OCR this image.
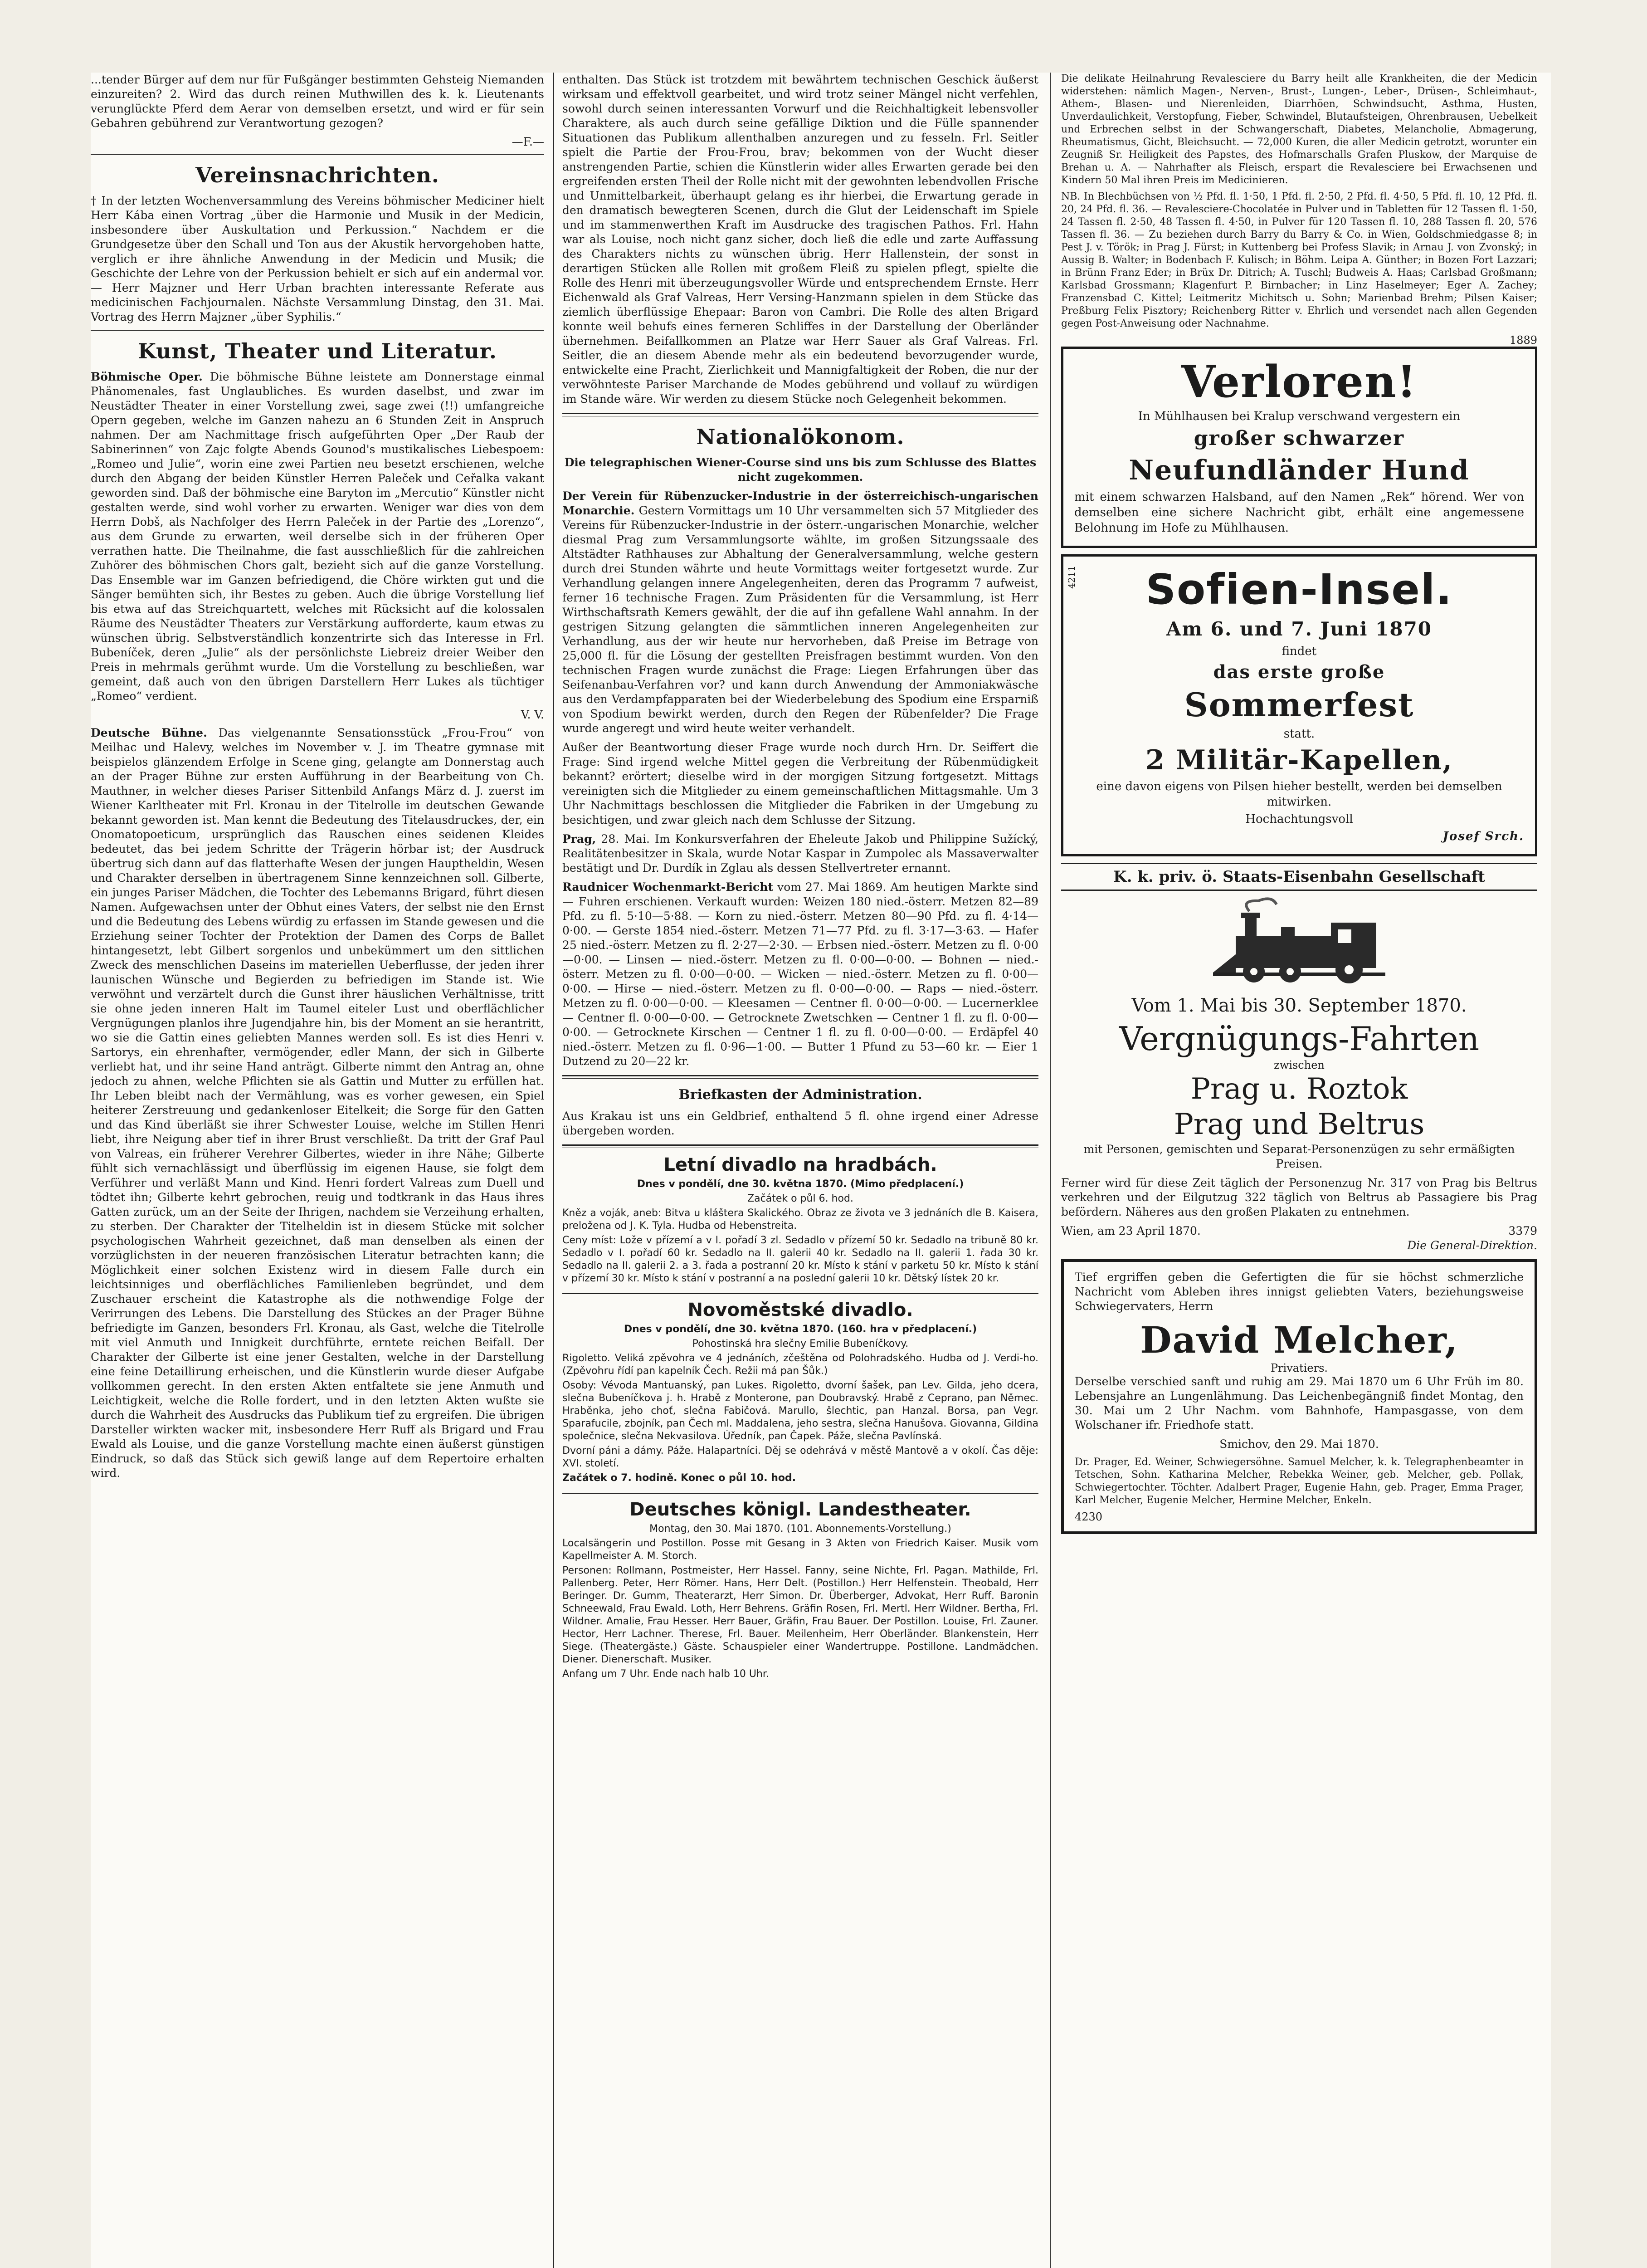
...tender Bürger auf dem nur für Fußgänger bestimmten Gehsteig Niemanden einzureiten? 2. Wird das durch reinen Muthwillen des k. k. Lieutenants verunglückte Pferd dem Aerar von demselben ersetzt, und wird er für sein Gebahren gebührend zur Verantwortung gezogen?

—F.—

Vereinsnachrichten.

† In der letzten Wochenversammlung des Vereins böhmischer Mediciner hielt Herr Kába einen Vortrag „über die Harmonie und Musik in der Medicin, insbesondere über Auskultation und Perkussion.“ Nachdem er die Grundgesetze über den Schall und Ton aus der Akustik hervorgehoben hatte, verglich er ihre ähnliche Anwendung in der Medicin und Musik; die Geschichte der Lehre von der Perkussion behielt er sich auf ein andermal vor. — Herr Majzner und Herr Urban brachten interessante Referate aus medicinischen Fachjournalen. Nächste Versammlung Dinstag, den 31. Mai. Vortrag des Herrn Majzner „über Syphilis.“

Kunst, Theater und Literatur.

Böhmische Oper. Die böhmische Bühne leistete am Donnerstage einmal Phänomenales, fast Unglaubliches. Es wurden daselbst, und zwar im Neustädter Theater in einer Vorstellung zwei, sage zwei (!!) umfangreiche Opern gegeben, welche im Ganzen nahezu an 6 Stunden Zeit in Anspruch nahmen. Der am Nachmittage frisch aufgeführten Oper „Der Raub der Sabinerinnen“ von Zajc folgte Abends Gounod's mustikalisches Liebespoem: „Romeo und Julie“, worin eine zwei Partien neu besetzt erschienen, welche durch den Abgang der beiden Künstler Herren Paleček und Ceřalka vakant geworden sind. Daß der böhmische eine Baryton im „Mercutio“ Künstler nicht gestalten werde, sind wohl vorher zu erwarten. Weniger war dies von dem Herrn Dobš, als Nachfolger des Herrn Paleček in der Partie des „Lorenzo“, aus dem Grunde zu erwarten, weil derselbe sich in der früheren Oper verrathen hatte. Die Theilnahme, die fast ausschließlich für die zahlreichen Zuhörer des böhmischen Chors galt, bezieht sich auf die ganze Vorstellung. Das Ensemble war im Ganzen befriedigend, die Chöre wirkten gut und die Sänger bemühten sich, ihr Bestes zu geben. Auch die übrige Vorstellung lief bis etwa auf das Streichquartett, welches mit Rücksicht auf die kolossalen Räume des Neustädter Theaters zur Verstärkung aufforderte, kaum etwas zu wünschen übrig. Selbstverständlich konzentrirte sich das Interesse in Frl. Bubeníček, deren „Julie“ als der persönlichste Liebreiz dreier Weiber den Preis in mehrmals gerühmt wurde. Um die Vorstellung zu beschließen, war gemeint, daß auch von den übrigen Darstellern Herr Lukes als tüchtiger „Romeo“ verdient.

V. V.

Deutsche Bühne. Das vielgenannte Sensationsstück „Frou-Frou“ von Meilhac und Halevy, welches im November v. J. im Theatre gymnase mit beispielos glänzendem Erfolge in Scene ging, gelangte am Donnerstag auch an der Prager Bühne zur ersten Aufführung in der Bearbeitung von Ch. Mauthner, in welcher dieses Pariser Sittenbild Anfangs März d. J. zuerst im Wiener Karltheater mit Frl. Kronau in der Titelrolle im deutschen Gewande bekannt geworden ist. Man kennt die Bedeutung des Titelausdruckes, der, ein Onomatopoeticum, ursprünglich das Rauschen eines seidenen Kleides bedeutet, das bei jedem Schritte der Trägerin hörbar ist; der Ausdruck übertrug sich dann auf das flatterhafte Wesen der jungen Hauptheldin, Wesen und Charakter derselben in übertragenem Sinne kennzeichnen soll. Gilberte, ein junges Pariser Mädchen, die Tochter des Lebemanns Brigard, führt diesen Namen. Aufgewachsen unter der Obhut eines Vaters, der selbst nie den Ernst und die Bedeutung des Lebens würdig zu erfassen im Stande gewesen und die Erziehung seiner Tochter der Protektion der Damen des Corps de Ballet hintangesetzt, lebt Gilbert sorgenlos und unbekümmert um den sittlichen Zweck des menschlichen Daseins im materiellen Ueberflusse, der jeden ihrer launischen Wünsche und Begierden zu befriedigen im Stande ist. Wie verwöhnt und verzärtelt durch die Gunst ihrer häuslichen Verhältnisse, tritt sie ohne jeden inneren Halt im Taumel eiteler Lust und oberflächlicher Vergnügungen planlos ihre Jugendjahre hin, bis der Moment an sie herantritt, wo sie die Gattin eines geliebten Mannes werden soll. Es ist dies Henri v. Sartorys, ein ehrenhafter, vermögender, edler Mann, der sich in Gilberte verliebt hat, und ihr seine Hand anträgt. Gilberte nimmt den Antrag an, ohne jedoch zu ahnen, welche Pflichten sie als Gattin und Mutter zu erfüllen hat. Ihr Leben bleibt nach der Vermählung, was es vorher gewesen, ein Spiel heiterer Zerstreuung und gedankenloser Eitelkeit; die Sorge für den Gatten und das Kind überläßt sie ihrer Schwester Louise, welche im Stillen Henri liebt, ihre Neigung aber tief in ihrer Brust verschließt. Da tritt der Graf Paul von Valreas, ein früherer Verehrer Gilbertes, wieder in ihre Nähe; Gilberte fühlt sich vernachlässigt und überflüssig im eigenen Hause, sie folgt dem Verführer und verläßt Mann und Kind. Henri fordert Valreas zum Duell und tödtet ihn; Gilberte kehrt gebrochen, reuig und todtkrank in das Haus ihres Gatten zurück, um an der Seite der Ihrigen, nachdem sie Verzeihung erhalten, zu sterben. Der Charakter der Titelheldin ist in diesem Stücke mit solcher psychologischen Wahrheit gezeichnet, daß man denselben als einen der vorzüglichsten in der neueren französischen Literatur betrachten kann; die Möglichkeit einer solchen Existenz wird in diesem Falle durch ein leichtsinniges und oberflächliches Familienleben begründet, und dem Zuschauer erscheint die Katastrophe als die nothwendige Folge der Verirrungen des Lebens. Die Darstellung des Stückes an der Prager Bühne befriedigte im Ganzen, besonders Frl. Kronau, als Gast, welche die Titelrolle mit viel Anmuth und Innigkeit durchführte, erntete reichen Beifall. Der Charakter der Gilberte ist eine jener Gestalten, welche in der Darstellung eine feine Detaillirung erheischen, und die Künstlerin wurde dieser Aufgabe vollkommen gerecht. In den ersten Akten entfaltete sie jene Anmuth und Leichtigkeit, welche die Rolle fordert, und in den letzten Akten wußte sie durch die Wahrheit des Ausdrucks das Publikum tief zu ergreifen. Die übrigen Darsteller wirkten wacker mit, insbesondere Herr Ruff als Brigard und Frau Ewald als Louise, und die ganze Vorstellung machte einen äußerst günstigen Eindruck, so daß das Stück sich gewiß lange auf dem Repertoire erhalten wird.

enthalten. Das Stück ist trotzdem mit bewährtem technischen Geschick äußerst wirksam und effektvoll gearbeitet, und wird trotz seiner Mängel nicht verfehlen, sowohl durch seinen interessanten Vorwurf und die Reichhaltigkeit lebensvoller Charaktere, als auch durch seine gefällige Diktion und die Fülle spannender Situationen das Publikum allenthalben anzuregen und zu fesseln. Frl. Seitler spielt die Partie der Frou-Frou, brav; bekommen von der Wucht dieser anstrengenden Partie, schien die Künstlerin wider alles Erwarten gerade bei den ergreifenden ersten Theil der Rolle nicht mit der gewohnten lebendvollen Frische und Unmittelbarkeit, überhaupt gelang es ihr hierbei, die Erwartung gerade in den dramatisch bewegteren Scenen, durch die Glut der Leidenschaft im Spiele und im stammenwerthen Kraft im Ausdrucke des tragischen Pathos. Frl. Hahn war als Louise, noch nicht ganz sicher, doch ließ die edle und zarte Auffassung des Charakters nichts zu wünschen übrig. Herr Hallenstein, der sonst in derartigen Stücken alle Rollen mit großem Fleiß zu spielen pflegt, spielte die Rolle des Henri mit überzeugungsvoller Würde und entsprechendem Ernste. Herr Eichenwald als Graf Valreas, Herr Versing-Hanzmann spielen in dem Stücke das ziemlich überflüssige Ehepaar: Baron von Cambri. Die Rolle des alten Brigard konnte weil behufs eines ferneren Schliffes in der Darstellung der Oberländer übernehmen. Beifallkommen an Platze war Herr Sauer als Graf Valreas. Frl. Seitler, die an diesem Abende mehr als ein bedeutend bevorzugender wurde, entwickelte eine Pracht, Zierlichkeit und Mannigfaltigkeit der Roben, die nur der verwöhnteste Pariser Marchande de Modes gebührend und vollauf zu würdigen im Stande wäre. Wir werden zu diesem Stücke noch Gelegenheit bekommen.

Nationalökonom.

Die telegraphischen Wiener-Course sind uns bis zum Schlusse des Blattes nicht zugekommen.

Der Verein für Rübenzucker-Industrie in der österreichisch-ungarischen Monarchie. Gestern Vormittags um 10 Uhr versammelten sich 57 Mitglieder des Vereins für Rübenzucker-Industrie in der österr.-ungarischen Monarchie, welcher diesmal Prag zum Versammlungsorte wählte, im großen Sitzungssaale des Altstädter Rathhauses zur Abhaltung der Generalversammlung, welche gestern durch drei Stunden währte und heute Vormittags weiter fortgesetzt wurde. Zur Verhandlung gelangen innere Angelegenheiten, deren das Programm 7 aufweist, ferner 16 technische Fragen. Zum Präsidenten für die Versammlung, ist Herr Wirthschaftsrath Kemers gewählt, der die auf ihn gefallene Wahl annahm. In der gestrigen Sitzung gelangten die sämmtlichen inneren Angelegenheiten zur Verhandlung, aus der wir heute nur hervorheben, daß Preise im Betrage von 25,000 fl. für die Lösung der gestellten Preisfragen bestimmt wurden. Von den technischen Fragen wurde zunächst die Frage: Liegen Erfahrungen über das Seifenanbau-Verfahren vor? und kann durch Anwendung der Ammoniakwäsche aus den Verdampfapparaten bei der Wiederbelebung des Spodium eine Ersparniß von Spodium bewirkt werden, durch den Regen der Rübenfelder? Die Frage wurde angeregt und wird heute weiter verhandelt.

Außer der Beantwortung dieser Frage wurde noch durch Hrn. Dr. Seiffert die Frage: Sind irgend welche Mittel gegen die Verbreitung der Rübenmüdigkeit bekannt? erörtert; dieselbe wird in der morgigen Sitzung fortgesetzt. Mittags vereinigten sich die Mitglieder zu einem gemeinschaftlichen Mittagsmahle. Um 3 Uhr Nachmittags beschlossen die Mitglieder die Fabriken in der Umgebung zu besichtigen, und zwar gleich nach dem Schlusse der Sitzung.

Prag, 28. Mai. Im Konkursverfahren der Eheleute Jakob und Philippine Sužícký, Realitätenbesitzer in Skala, wurde Notar Kaspar in Zumpolec als Massaverwalter bestätigt und Dr. Durdík in Zglau als dessen Stellvertreter ernannt.

Raudnicer Wochenmarkt-Bericht vom 27. Mai 1869. Am heutigen Markte sind — Fuhren erschienen. Verkauft wurden: Weizen 180 nied.-österr. Metzen 82—89 Pfd. zu fl. 5·10—5·88. — Korn zu nied.-österr. Metzen 80—90 Pfd. zu fl. 4·14—0·00. — Gerste 1854 nied.-österr. Metzen 71—77 Pfd. zu fl. 3·17—3·63. — Hafer 25 nied.-österr. Metzen zu fl. 2·27—2·30. — Erbsen nied.-österr. Metzen zu fl. 0·00—0·00. — Linsen — nied.-österr. Metzen zu fl. 0·00—0·00. — Bohnen — nied.-österr. Metzen zu fl. 0·00—0·00. — Wicken — nied.-österr. Metzen zu fl. 0·00—0·00. — Hirse — nied.-österr. Metzen zu fl. 0·00—0·00. — Raps — nied.-österr. Metzen zu fl. 0·00—0·00. — Kleesamen — Centner fl. 0·00—0·00. — Lucernerklee — Centner fl. 0·00—0·00. — Getrocknete Zwetschken — Centner 1 fl. zu fl. 0·00—0·00. — Getrocknete Kirschen — Centner 1 fl. zu fl. 0·00—0·00. — Erdäpfel 40 nied.-österr. Metzen zu fl. 0·96—1·00. — Butter 1 Pfund zu 53—60 kr. — Eier 1 Dutzend zu 20—22 kr.

Briefkasten der Administration.

Aus Krakau ist uns ein Geldbrief, enthaltend 5 fl. ohne irgend einer Adresse übergeben worden.

Letní divadlo na hradbách.

Dnes v pondělí, dne 30. května 1870. (Mimo předplacení.)

Začátek o půl 6. hod.

Kněz a voják, aneb: Bitva u kláštera Skalického. Obraz ze života ve 3 jednáních dle B. Kaisera, preložena od J. K. Tyla. Hudba od Hebenstreita.

Ceny míst: Lože v přízemí a v I. pořadí 3 zl. Sedadlo v přízemí 50 kr. Sedadlo na tribuně 80 kr. Sedadlo v I. pořadí 60 kr. Sedadlo na II. galerii 40 kr. Sedadlo na II. galerii 1. řada 30 kr. Sedadlo na II. galerii 2. a 3. řada a postranní 20 kr. Místo k stání v parketu 50 kr. Místo k stání v přízemí 30 kr. Místo k stání v postranní a na poslední galerii 10 kr. Dětský lístek 20 kr.

Novoměstské divadlo.

Dnes v pondělí, dne 30. května 1870. (160. hra v předplacení.)

Pohostinská hra slečny Emilie Bubeníčkovy.

Rigoletto. Veliká zpěvohra ve 4 jednáních, zčeštěna od Polohradského. Hudba od J. Verdi-ho. (Zpěvohru řídí pan kapelník Čech. Režii má pan Šůk.)

Osoby: Vévoda Mantuanský, pan Lukes. Rigoletto, dvorní šašek, pan Lev. Gilda, jeho dcera, slečna Bubeníčkova j. h. Hrabě z Monterone, pan Doubravský. Hrabě z Ceprano, pan Němec. Hraběnka, jeho choť, slečna Fabičová. Marullo, šlechtic, pan Hanzal. Borsa, pan Vegr. Sparafucile, zbojník, pan Čech ml. Maddalena, jeho sestra, slečna Hanušova. Giovanna, Gildina společnice, slečna Nekvasilova. Úředník, pan Čapek. Páže, slečna Pavlínská.

Dvorní páni a dámy. Páže. Halapartníci. Děj se odehrává v městě Mantově a v okolí. Čas děje: XVI. století.

Začátek o 7. hodině. Konec o půl 10. hod.

Deutsches königl. Landestheater.

Montag, den 30. Mai 1870. (101. Abonnements-Vorstellung.)

Localsängerin und Postillon. Posse mit Gesang in 3 Akten von Friedrich Kaiser. Musik vom Kapellmeister A. M. Storch.

Personen: Rollmann, Postmeister, Herr Hassel. Fanny, seine Nichte, Frl. Pagan. Mathilde, Frl. Pallenberg. Peter, Herr Römer. Hans, Herr Delt. (Postillon.) Herr Helfenstein. Theobald, Herr Beringer. Dr. Gumm, Theaterarzt, Herr Simon. Dr. Überberger, Advokat, Herr Ruff. Baronin Schneewald, Frau Ewald. Loth, Herr Behrens. Gräfin Rosen, Frl. Mertl. Herr Wildner. Bertha, Frl. Wildner. Amalie, Frau Hesser. Herr Bauer, Gräfin, Frau Bauer. Der Postillon. Louise, Frl. Zauner. Hector, Herr Lachner. Therese, Frl. Bauer. Meilenheim, Herr Oberländer. Blankenstein, Herr Siege. (Theatergäste.) Gäste. Schauspieler einer Wandertruppe. Postillone. Landmädchen. Diener. Dienerschaft. Musiker.

Anfang um 7 Uhr. Ende nach halb 10 Uhr.

Die delikate Heilnahrung Revalesciere du Barry heilt alle Krankheiten, die der Medicin widerstehen: nämlich Magen-, Nerven-, Brust-, Lungen-, Leber-, Drüsen-, Schleimhaut-, Athem-, Blasen- und Nierenleiden, Diarrhöen, Schwindsucht, Asthma, Husten, Unverdaulichkeit, Verstopfung, Fieber, Schwindel, Blutaufsteigen, Ohrenbrausen, Uebelkeit und Erbrechen selbst in der Schwangerschaft, Diabetes, Melancholie, Abmagerung, Rheumatismus, Gicht, Bleichsucht. — 72,000 Kuren, die aller Medicin getrotzt, worunter ein Zeugniß Sr. Heiligkeit des Papstes, des Hofmarschalls Grafen Pluskow, der Marquise de Brehan u. A. — Nahrhafter als Fleisch, erspart die Revalesciere bei Erwachsenen und Kindern 50 Mal ihren Preis im Medicinieren.

NB. In Blechbüchsen von ½ Pfd. fl. 1·50, 1 Pfd. fl. 2·50, 2 Pfd. fl. 4·50, 5 Pfd. fl. 10, 12 Pfd. fl. 20, 24 Pfd. fl. 36. — Revalesciere-Chocolatée in Pulver und in Tabletten für 12 Tassen fl. 1·50, 24 Tassen fl. 2·50, 48 Tassen fl. 4·50, in Pulver für 120 Tassen fl. 10, 288 Tassen fl. 20, 576 Tassen fl. 36. — Zu beziehen durch Barry du Barry & Co. in Wien, Goldschmiedgasse 8; in Pest J. v. Török; in Prag J. Fürst; in Kuttenberg bei Profess Slavik; in Arnau J. von Zvonský; in Aussig B. Walter; in Bodenbach F. Kulisch; in Böhm. Leipa A. Günther; in Bozen Fort Lazzari; in Brünn Franz Eder; in Brüx Dr. Ditrich; A. Tuschl; Budweis A. Haas; Carlsbad Großmann; Karlsbad Grossmann; Klagenfurt P. Birnbacher; in Linz Haselmeyer; Eger A. Zachey; Franzensbad C. Kittel; Leitmeritz Michitsch u. Sohn; Marienbad Brehm; Pilsen Kaiser; Preßburg Felix Pisztory; Reichenberg Ritter v. Ehrlich und versendet nach allen Gegenden gegen Post-Anweisung oder Nachnahme.

1889
Verloren!
In Mühlhausen bei Kralup verschwand vergestern ein
großer schwarzer
Neufundländer Hund
mit einem schwarzen Halsband, auf den Namen „Rek“ hörend. Wer von demselben eine sichere Nachricht gibt, erhält eine angemessene Belohnung im Hofe zu Mühlhausen.
4211	Sofien-Insel.
Am 6. und 7. Juni 1870
findet
das erste große
Sommerfest
statt.
2 Militär-Kapellen,
eine davon eigens von Pilsen hieher bestellt, werden bei demselben mitwirken.
Hochachtungsvoll
Josef Srch.
K. k. priv. ö. Staats-Eisenbahn Gesellschaft
Vom 1. Mai bis 30. September 1870.
Vergnügungs-Fahrten
zwischen
Prag u. Roztok
Prag und Beltrus

mit Personen, gemischten und Separat-Personenzügen zu sehr ermäßigten Preisen.

Ferner wird für diese Zeit täglich der Personenzug Nr. 317 von Prag bis Beltrus verkehren und der Eilgutzug 322 täglich von Beltrus ab Passagiere bis Prag befördern. Näheres aus den großen Plakaten zu entnehmen.

Wien, am 23 April 1870.	3379
Die General-Direktion.

Tief ergriffen geben die Gefertigten die für sie höchst schmerzliche Nachricht vom Ableben ihres innigst geliebten Vaters, beziehungsweise Schwiegervaters, Herrn

David Melcher,
Privatiers.

Derselbe verschied sanft und ruhig am 29. Mai 1870 um 6 Uhr Früh im 80. Lebensjahre an Lungenlähmung. Das Leichenbegängniß findet Montag, den 30. Mai um 2 Uhr Nachm. vom Bahnhofe, Hampasgasse, von dem Wolschaner ifr. Friedhofe statt.

Smichov, den 29. Mai 1870.

Dr. Prager, Ed. Weiner, Schwiegersöhne. Samuel Melcher, k. k. Telegraphenbeamter in Tetschen, Sohn. Katharina Melcher, Rebekka Weiner, geb. Melcher, geb. Pollak, Schwiegertochter. Töchter. Adalbert Prager, Eugenie Hahn, geb. Prager, Emma Prager, Karl Melcher, Eugenie Melcher, Hermine Melcher, Enkeln.

4230
